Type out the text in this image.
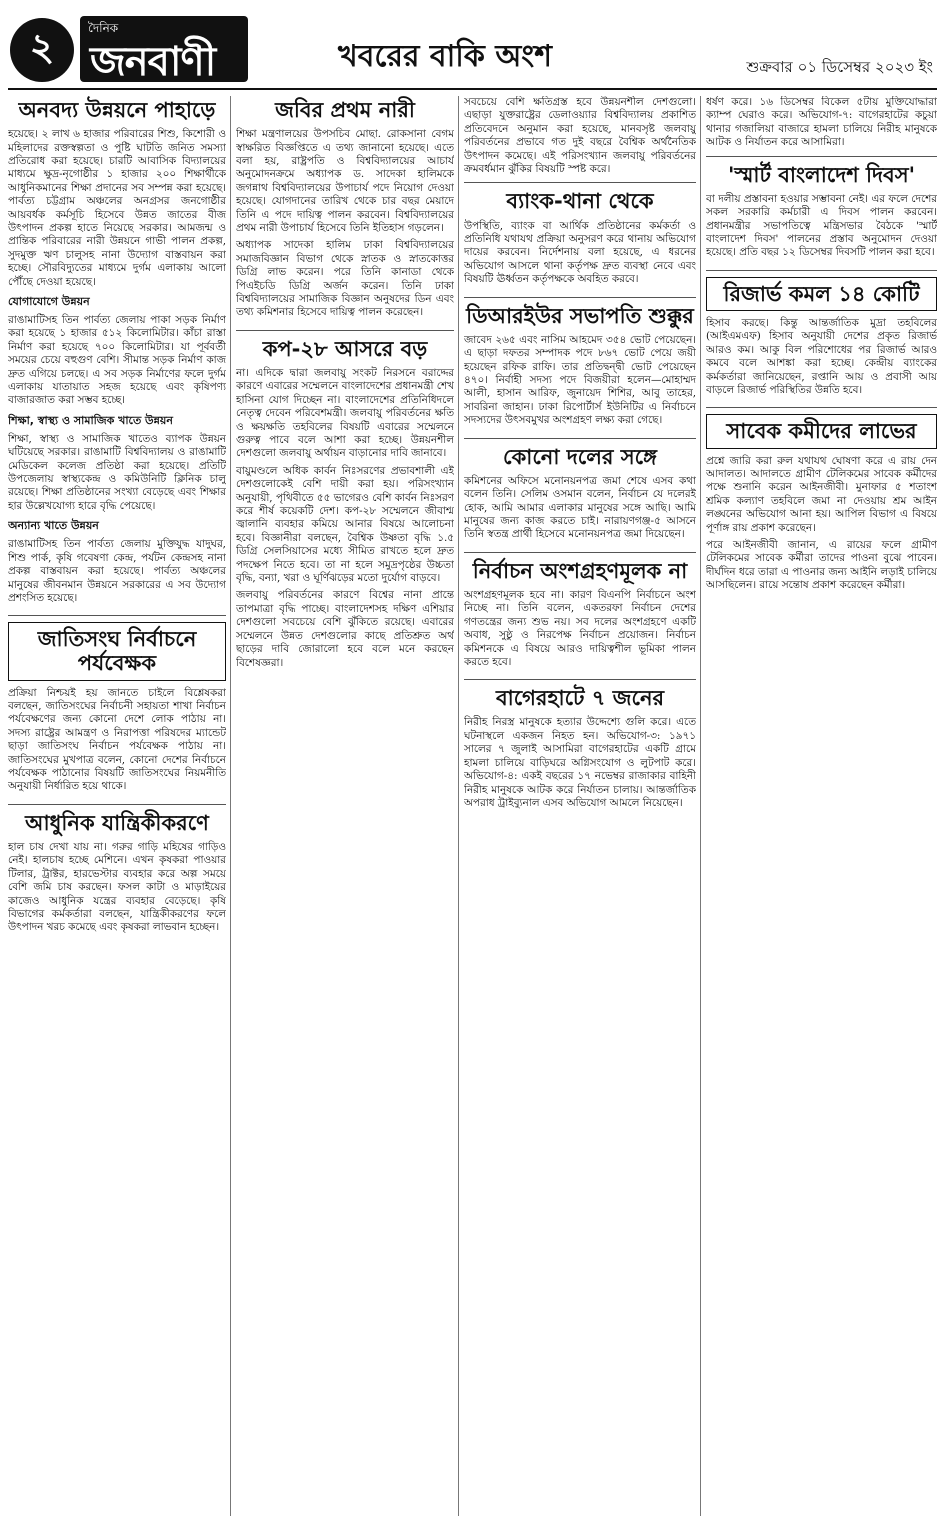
২	দৈনিক
জনবাণী	খবরের বাকি অংশ	শুক্রবার ০১ ডিসেম্বর ২০২৩ ইং
অনবদ্য উন্নয়নে পাহাড়ে
হয়েছে। ২ লাখ ৬ হাজার পরিবারের শিশু, কিশোরী ও মহিলাদের রক্তস্বল্পতা ও পুষ্টি ঘাটতি জনিত সমস্যা প্রতিরোধ করা হয়েছে। চারটি আবাসিক বিদ্যালয়ের মাধ্যমে ক্ষুদ্র-নৃগোষ্ঠীর ১ হাজার ২০০ শিক্ষার্থীকে আধুনিকমানের শিক্ষা প্রদানের সব সম্পন্ন করা হয়েছে। পার্বত্য চট্টগ্রাম অঞ্চলের অনগ্রসর জনগোষ্ঠীর আয়বর্ধক কর্মসূচি হিসেবে উন্নত জাতের বীজ উৎপাদন প্রকল্প হাতে নিয়েছে সরকার। আমজন্ম ও প্রান্তিক পরিবারের নারী উন্নয়নে গাভী পালন প্রকল্প, সুদমুক্ত ঋণ চালুসহ নানা উদ্যোগ বাস্তবায়ন করা হচ্ছে। সৌরবিদ্যুতের মাধ্যমে দুর্গম এলাকায় আলো পৌঁছে দেওয়া হয়েছে।
যোগাযোগে উন্নয়ন
রাঙামাটিসহ তিন পার্বত্য জেলায় পাকা সড়ক নির্মাণ করা হয়েছে ১ হাজার ৫১২ কিলোমিটার। কাঁচা রাস্তা নির্মাণ করা হয়েছে ৭০০ কিলোমিটার। যা পূর্ববর্তী সময়ের চেয়ে বহুগুণ বেশি। সীমান্ত সড়ক নির্মাণ কাজ দ্রুত এগিয়ে চলছে। এ সব সড়ক নির্মাণের ফলে দুর্গম এলাকায় যাতায়াত সহজ হয়েছে এবং কৃষিপণ্য বাজারজাত করা সম্ভব হচ্ছে।
শিক্ষা, স্বাস্থ্য ও সামাজিক খাতে উন্নয়ন
শিক্ষা, স্বাস্থ্য ও সামাজিক খাতেও ব্যাপক উন্নয়ন ঘটিয়েছে সরকার। রাঙামাটি বিশ্ববিদ্যালয় ও রাঙামাটি মেডিকেল কলেজ প্রতিষ্ঠা করা হয়েছে। প্রতিটি উপজেলায় স্বাস্থ্যকেন্দ্র ও কমিউনিটি ক্লিনিক চালু রয়েছে। শিক্ষা প্রতিষ্ঠানের সংখ্যা বেড়েছে এবং শিক্ষার হার উল্লেখযোগ্য হারে বৃদ্ধি পেয়েছে।
অন্যান্য খাতে উন্নয়ন
রাঙামাটিসহ তিন পার্বত্য জেলায় মুক্তিযুদ্ধ যাদুঘর, শিশু পার্ক, কৃষি গবেষণা কেন্দ্র, পর্যটন কেন্দ্রসহ নানা প্রকল্প বাস্তবায়ন করা হয়েছে। পার্বত্য অঞ্চলের মানুষের জীবনমান উন্নয়নে সরকারের এ সব উদ্যোগ প্রশংসিত হয়েছে।
জাতিসংঘ নির্বাচনে পর্যবেক্ষক
প্রক্রিয়া নিশ্চয়ই হয় জানতে চাইলে বিশ্লেষকরা বলছেন, জাতিসংঘের নির্বাচনী সহায়তা শাখা নির্বাচন পর্যবেক্ষণের জন্য কোনো দেশে লোক পাঠায় না। সদস্য রাষ্ট্রের আমন্ত্রণ ও নিরাপত্তা পরিষদের ম্যান্ডেট ছাড়া জাতিসংঘ নির্বাচন পর্যবেক্ষক পাঠায় না। জাতিসংঘের মুখপাত্র বলেন, কোনো দেশের নির্বাচনে পর্যবেক্ষক পাঠানোর বিষয়টি জাতিসংঘের নিয়মনীতি অনুযায়ী নির্ধারিত হয়ে থাকে।
আধুনিক যান্ত্রিকীকরণে
হাল চাষ দেখা যায় না। গরুর গাড়ি মহিষের গাড়িও নেই। হালচাষ হচ্ছে মেশিনে। এখন কৃষকরা পাওয়ার টিলার, ট্রাক্টর, হারভেস্টার ব্যবহার করে অল্প সময়ে বেশি জমি চাষ করছেন। ফসল কাটা ও মাড়াইয়ের কাজেও আধুনিক যন্ত্রের ব্যবহার বেড়েছে। কৃষি বিভাগের কর্মকর্তারা বলছেন, যান্ত্রিকীকরণের ফলে উৎপাদন খরচ কমেছে এবং কৃষকরা লাভবান হচ্ছেন।
জবির প্রথম নারী
শিক্ষা মন্ত্রণালয়ের উপসচিব মোছা. রোকসানা বেগম স্বাক্ষরিত বিজ্ঞপ্তিতে এ তথ্য জানানো হয়েছে। এতে বলা হয়, রাষ্ট্রপতি ও বিশ্ববিদ্যালয়ের আচার্য অনুমোদনক্রমে অধ্যাপক ড. সাদেকা হালিমকে জগন্নাথ বিশ্ববিদ্যালয়ের উপাচার্য পদে নিয়োগ দেওয়া হয়েছে। যোগদানের তারিখ থেকে চার বছর মেয়াদে তিনি এ পদে দায়িত্ব পালন করবেন। বিশ্ববিদ্যালয়ের প্রথম নারী উপাচার্য হিসেবে তিনি ইতিহাস গড়লেন।
অধ্যাপক সাদেকা হালিম ঢাকা বিশ্ববিদ্যালয়ের সমাজবিজ্ঞান বিভাগ থেকে স্নাতক ও স্নাতকোত্তর ডিগ্রি লাভ করেন। পরে তিনি কানাডা থেকে পিএইচডি ডিগ্রি অর্জন করেন। তিনি ঢাকা বিশ্ববিদ্যালয়ের সামাজিক বিজ্ঞান অনুষদের ডিন এবং তথ্য কমিশনার হিসেবে দায়িত্ব পালন করেছেন।
কপ-২৮ আসরে বড়
না। এদিকে দ্বারা জলবায়ু সংকট নিরসনে বরাদ্দের কারণে এবারের সম্মেলনে বাংলাদেশের প্রধানমন্ত্রী শেখ হাসিনা যোগ দিচ্ছেন না। বাংলাদেশের প্রতিনিধিদলে নেতৃত্ব দেবেন পরিবেশমন্ত্রী। জলবায়ু পরিবর্তনের ক্ষতি ও ক্ষয়ক্ষতি তহবিলের বিষয়টি এবারের সম্মেলনে গুরুত্ব পাবে বলে আশা করা হচ্ছে। উন্নয়নশীল দেশগুলো জলবায়ু অর্থায়ন বাড়ানোর দাবি জানাবে।
বায়ুমণ্ডলে অধিক কার্বন নিঃসরণের প্রভাবশালী এই দেশগুলোকেই বেশি দায়ী করা হয়। পরিসংখ্যান অনুযায়ী, পৃথিবীতে ৫৫ ভাগেরও বেশি কার্বন নিঃসরণ করে শীর্ষ কয়েকটি দেশ। কপ-২৮ সম্মেলনে জীবাশ্ম জ্বালানি ব্যবহার কমিয়ে আনার বিষয়ে আলোচনা হবে। বিজ্ঞানীরা বলছেন, বৈশ্বিক উষ্ণতা বৃদ্ধি ১.৫ ডিগ্রি সেলসিয়াসের মধ্যে সীমিত রাখতে হলে দ্রুত পদক্ষেপ নিতে হবে। তা না হলে সমুদ্রপৃষ্ঠের উচ্চতা বৃদ্ধি, বন্যা, খরা ও ঘূর্ণিঝড়ের মতো দুর্যোগ বাড়বে।
জলবায়ু পরিবর্তনের কারণে বিশ্বের নানা প্রান্তে তাপমাত্রা বৃদ্ধি পাচ্ছে। বাংলাদেশসহ দক্ষিণ এশিয়ার দেশগুলো সবচেয়ে বেশি ঝুঁকিতে রয়েছে। এবারের সম্মেলনে উন্নত দেশগুলোর কাছে প্রতিশ্রুত অর্থ ছাড়ের দাবি জোরালো হবে বলে মনে করছেন বিশেষজ্ঞরা।
সবচেয়ে বেশি ক্ষতিগ্রস্ত হবে উন্নয়নশীল দেশগুলো। এছাড়া যুক্তরাষ্ট্রের ডেলাওয়্যার বিশ্ববিদ্যালয় প্রকাশিত প্রতিবেদনে অনুমান করা হয়েছে, মানবসৃষ্ট জলবায়ু পরিবর্তনের প্রভাবে গত দুই বছরে বৈশ্বিক অর্থনৈতিক উৎপাদন কমেছে। এই পরিসংখ্যান জলবায়ু পরিবর্তনের ক্রমবর্ধমান ঝুঁকির বিষয়টি স্পষ্ট করে।
ব্যাংক-থানা থেকে
উপস্থিতি, ব্যাংক বা আর্থিক প্রতিষ্ঠানের কর্মকর্তা ও প্রতিনিধি যথাযথ প্রক্রিয়া অনুসরণ করে থানায় অভিযোগ দায়ের করবেন। নির্দেশনায় বলা হয়েছে, এ ধরনের অভিযোগ আসলে থানা কর্তৃপক্ষ দ্রুত ব্যবস্থা নেবে এবং বিষয়টি ঊর্ধ্বতন কর্তৃপক্ষকে অবহিত করবে।
ডিআরইউর সভাপতি শুক্কুর
জাবেদ ২৬৫ এবং নাসিম আহমেদ ৩৫৪ ভোট পেয়েছেন। এ ছাড়া দফতর সম্পাদক পদে ৮৬৭ ভোট পেয়ে জয়ী হয়েছেন রফিক রাফি। তার প্রতিদ্বন্দ্বী ভোট পেয়েছেন ৪৭০। নির্বাহী সদস্য পদে বিজয়ীরা হলেন—মোহাম্মদ আলী, হাসান আরিফ, জুনায়েদ শিশির, আবু তাহের, সাবরিনা জাহান। ঢাকা রিপোর্টার্স ইউনিটির এ নির্বাচনে সদস্যদের উৎসবমুখর অংশগ্রহণ লক্ষ্য করা গেছে।
কোনো দলের সঙ্গে
কমিশনের অফিসে মনোনয়নপত্র জমা শেষে এসব কথা বলেন তিনি। সেলিম ওসমান বলেন, নির্বাচন যে দলেরই হোক, আমি আমার এলাকার মানুষের সঙ্গে আছি। আমি মানুষের জন্য কাজ করতে চাই। নারায়ণগঞ্জ-৫ আসনে তিনি স্বতন্ত্র প্রার্থী হিসেবে মনোনয়নপত্র জমা দিয়েছেন।
নির্বাচন অংশগ্রহণমূলক না
অংশগ্রহণমূলক হবে না। কারণ বিএনপি নির্বাচনে অংশ নিচ্ছে না। তিনি বলেন, একতরফা নির্বাচন দেশের গণতন্ত্রের জন্য শুভ নয়। সব দলের অংশগ্রহণে একটি অবাধ, সুষ্ঠু ও নিরপেক্ষ নির্বাচন প্রয়োজন। নির্বাচন কমিশনকে এ বিষয়ে আরও দায়িত্বশীল ভূমিকা পালন করতে হবে।
বাগেরহাটে ৭ জনের
নিরীহ নিরস্ত্র মানুষকে হত্যার উদ্দেশ্যে গুলি করে। এতে ঘটনাস্থলে একজন নিহত হন। অভিযোগ-৩: ১৯৭১ সালের ৭ জুলাই আসামিরা বাগেরহাটের একটি গ্রামে হামলা চালিয়ে বাড়িঘরে অগ্নিসংযোগ ও লুটপাট করে। অভিযোগ-৪: একই বছরের ১৭ নভেম্বর রাজাকার বাহিনী নিরীহ মানুষকে আটক করে নির্যাতন চালায়। আন্তর্জাতিক অপরাধ ট্রাইব্যুনাল এসব অভিযোগ আমলে নিয়েছেন।
ধর্ষণ করে। ১৬ ডিসেম্বর বিকেল ৫টায় মুক্তিযোদ্ধারা ক্যাম্প ঘেরাও করে। অভিযোগ-৭: বাগেরহাটের কচুয়া থানার গজালিয়া বাজারে হামলা চালিয়ে নিরীহ মানুষকে আটক ও নির্যাতন করে আসামিরা।
'স্মার্ট বাংলাদেশ দিবস'
বা দলীয় প্রস্তাবনা হওয়ার সম্ভাবনা নেই। এর ফলে দেশের সকল সরকারি কর্মচারী এ দিবস পালন করবেন। প্রধানমন্ত্রীর সভাপতিত্বে মন্ত্রিসভার বৈঠকে 'স্মার্ট বাংলাদেশ দিবস' পালনের প্রস্তাব অনুমোদন দেওয়া হয়েছে। প্রতি বছর ১২ ডিসেম্বর দিবসটি পালন করা হবে।
রিজার্ভ কমল ১৪ কোটি
হিসাব করছে। কিন্তু আন্তর্জাতিক মুদ্রা তহবিলের (আইএমএফ) হিসাব অনুযায়ী দেশের প্রকৃত রিজার্ভ আরও কম। আকু বিল পরিশোধের পর রিজার্ভ আরও কমবে বলে আশঙ্কা করা হচ্ছে। কেন্দ্রীয় ব্যাংকের কর্মকর্তারা জানিয়েছেন, রপ্তানি আয় ও প্রবাসী আয় বাড়লে রিজার্ভ পরিস্থিতির উন্নতি হবে।
সাবেক কমীদের লাভের
প্রশ্নে জারি করা রুল যথাযথ ঘোষণা করে এ রায় দেন আদালত। আদালতে গ্রামীণ টেলিকমের সাবেক কর্মীদের পক্ষে শুনানি করেন আইনজীবী। মুনাফার ৫ শতাংশ শ্রমিক কল্যাণ তহবিলে জমা না দেওয়ায় শ্রম আইন লঙ্ঘনের অভিযোগ আনা হয়। আপিল বিভাগ এ বিষয়ে পূর্ণাঙ্গ রায় প্রকাশ করেছেন।
পরে আইনজীবী জানান, এ রায়ের ফলে গ্রামীণ টেলিকমের সাবেক কর্মীরা তাদের পাওনা বুঝে পাবেন। দীর্ঘদিন ধরে তারা এ পাওনার জন্য আইনি লড়াই চালিয়ে আসছিলেন। রায়ে সন্তোষ প্রকাশ করেছেন কর্মীরা।
